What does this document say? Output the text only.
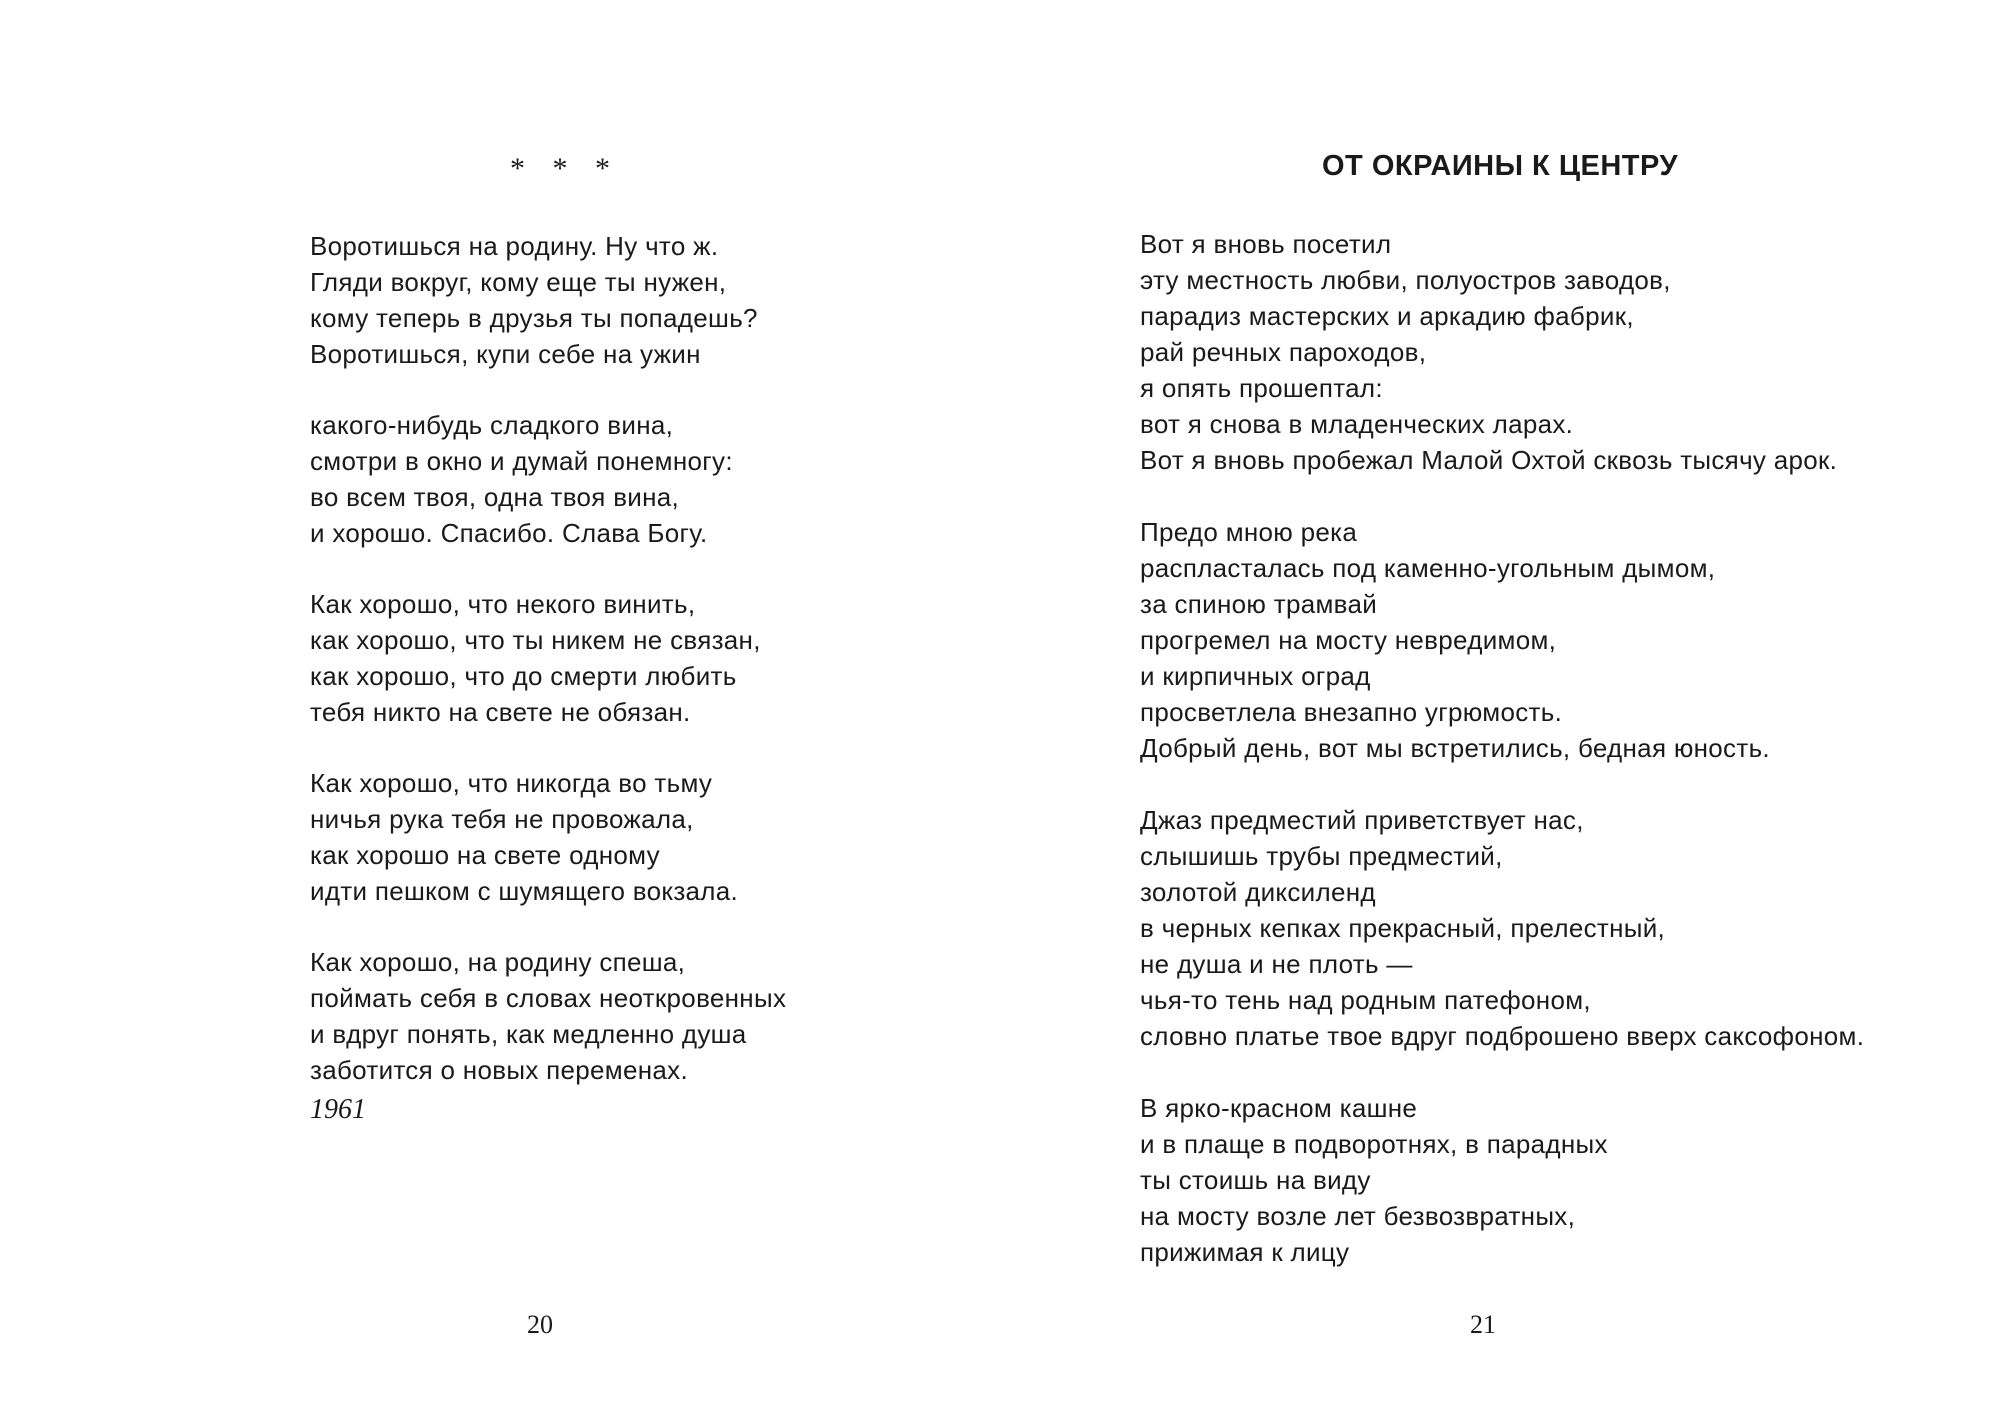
* * *
Воротишься на родину. Ну что ж.
Гляди вокруг, кому еще ты нужен,
кому теперь в друзья ты попадешь?
Воротишься, купи себе на ужин
какого-нибудь сладкого вина,
смотри в окно и думай понемногу:
во всем твоя, одна твоя вина,
и хорошо. Спасибо. Слава Богу.
Как хорошо, что некого винить,
как хорошо, что ты никем не связан,
как хорошо, что до смерти любить
тебя никто на свете не обязан.
Как хорошо, что никогда во тьму
ничья рука тебя не провожала,
как хорошо на свете одному
идти пешком с шумящего вокзала.
Как хорошо, на родину спеша,
поймать себя в словах неоткровенных
и вдруг понять, как медленно душа
заботится о новых переменах.
1961
20
ОТ ОКРАИНЫ К ЦЕНТРУ
Вот я вновь посетил
эту местность любви, полуостров заводов,
парадиз мастерских и аркадию фабрик,
рай речных пароходов,
я опять прошептал:
вот я снова в младенческих ларах.
Вот я вновь пробежал Малой Охтой сквозь тысячу арок.
Предо мною река
распласталась под каменно-угольным дымом,
за спиною трамвай
прогремел на мосту невредимом,
и кирпичных оград
просветлела внезапно угрюмость.
Добрый день, вот мы встретились, бедная юность.
Джаз предместий приветствует нас,
слышишь трубы предместий,
золотой диксиленд
в черных кепках прекрасный, прелестный,
не душа и не плоть —
чья-то тень над родным патефоном,
словно платье твое вдруг подброшено вверх саксофоном.
В ярко-красном кашне
и в плаще в подворотнях, в парадных
ты стоишь на виду
на мосту возле лет безвозвратных,
прижимая к лицу
21
